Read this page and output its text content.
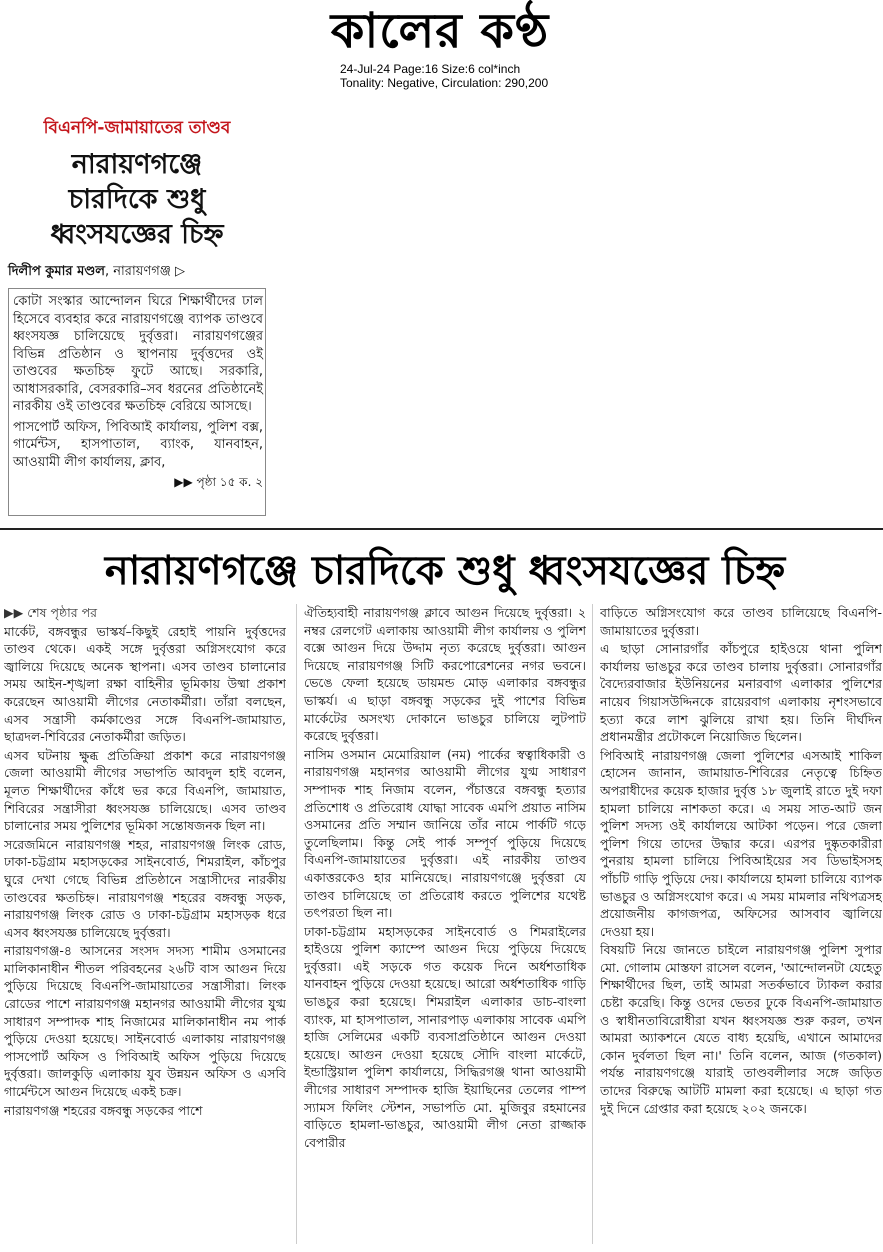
কালের কণ্ঠ
24-Jul-24 Page:16 Size:6 col*inch
Tonality: Negative, Circulation: 290,200
বিএনপি-জামায়াতের তাণ্ডব
নারায়ণগঞ্জে
চারদিকে শুধু
ধ্বংসযজ্ঞের চিহ্ন
দিলীপ কুমার মণ্ডল, নারায়ণগঞ্জ ▷

কোটা সংস্কার আন্দোলন ঘিরে শিক্ষার্থীদের ঢাল হিসেবে ব্যবহার করে নারায়ণগঞ্জে ব্যাপক তাণ্ডবে ধ্বংসযজ্ঞ চালিয়েছে দুর্বৃত্তরা। নারায়ণগঞ্জের বিভিন্ন প্রতিষ্ঠান ও স্থাপনায় দুর্বৃত্তদের ওই তাণ্ডবের ক্ষতচিহ্ন ফুটে আছে। সরকারি, আধাসরকারি, বেসরকারি–সব ধরনের প্রতিষ্ঠানেই নারকীয় ওই তাণ্ডবের ক্ষতচিহ্ন বেরিয়ে আসছে।

পাসপোর্ট অফিস, পিবিআই কার্যালয়, পুলিশ বক্স, গার্মেন্টস, হাসপাতাল, ব্যাংক, যানবাহন, আওয়ামী লীগ কার্যালয়, ক্লাব,

▶▶ পৃষ্ঠা ১৫ ক. ২
নারায়ণগঞ্জে চারদিকে শুধু ধ্বংসযজ্ঞের চিহ্ন

▶▶ শেষ পৃষ্ঠার পর

মার্কেট, বঙ্গবন্ধুর ভাস্কর্য–কিছুই রেহাই পায়নি দুর্বৃত্তদের তাণ্ডব থেকে। একই সঙ্গে দুর্বৃত্তরা অগ্নিসংযোগ করে জ্বালিয়ে দিয়েছে অনেক স্থাপনা। এসব তাণ্ডব চালানোর সময় আইন-শৃঙ্খলা রক্ষা বাহিনীর ভূমিকায় উষ্মা প্রকাশ করেছেন আওয়ামী লীগের নেতাকর্মীরা। তাঁরা বলছেন, এসব সন্ত্রাসী কর্মকাণ্ডের সঙ্গে বিএনপি-জামায়াত, ছাত্রদল-শিবিরের নেতাকর্মীরা জড়িত।

এসব ঘটনায় ক্ষুব্ধ প্রতিক্রিয়া প্রকাশ করে নারায়ণগঞ্জ জেলা আওয়ামী লীগের সভাপতি আবদুল হাই বলেন, মূলত শিক্ষার্থীদের কাঁধে ভর করে বিএনপি, জামায়াত, শিবিরের সন্ত্রাসীরা ধ্বংসযজ্ঞ চালিয়েছে। এসব তাণ্ডব চালানোর সময় পুলিশের ভূমিকা সন্তোষজনক ছিল না।

সরেজমিনে নারায়ণগঞ্জ শহর, নারায়ণগঞ্জ লিংক রোড, ঢাকা-চট্টগ্রাম মহাসড়কের সাইনবোর্ড, শিমরাইল, কাঁচপুর ঘুরে দেখা গেছে বিভিন্ন প্রতিষ্ঠানে সন্ত্রাসীদের নারকীয় তাণ্ডবের ক্ষতচিহ্ন। নারায়ণগঞ্জ শহরের বঙ্গবন্ধু সড়ক, নারায়ণগঞ্জ লিংক রোড ও ঢাকা-চট্টগ্রাম মহাসড়ক ধরে এসব ধ্বংসযজ্ঞ চালিয়েছে দুর্বৃত্তরা।

নারায়ণগঞ্জ-৪ আসনের সংসদ সদস্য শামীম ওসমানের মালিকানাধীন শীতল পরিবহনের ২৬টি বাস আগুন দিয়ে পুড়িয়ে দিয়েছে বিএনপি-জামায়াতের সন্ত্রাসীরা। লিংক রোডের পাশে নারায়ণগঞ্জ মহানগর আওয়ামী লীগের যুগ্ম সাধারণ সম্পাদক শাহ নিজামের মালিকানাধীন নম পার্ক পুড়িয়ে দেওয়া হয়েছে। সাইনবোর্ড এলাকায় নারায়ণগঞ্জ পাসপোর্ট অফিস ও পিবিআই অফিস পুড়িয়ে দিয়েছে দুর্বৃত্তরা। জালকুড়ি এলাকায় যুব উন্নয়ন অফিস ও এসবি গার্মেন্টসে আগুন দিয়েছে একই চক্র।

নারায়ণগঞ্জ শহরের বঙ্গবন্ধু সড়কের পাশে

ঐতিহ্যবাহী নারায়ণগঞ্জ ক্লাবে আগুন দিয়েছে দুর্বৃত্তরা। ২ নম্বর রেলগেট এলাকায় আওয়ামী লীগ কার্যালয় ও পুলিশ বক্সে আগুন দিয়ে উদ্দাম নৃত্য করেছে দুর্বৃত্তরা। আগুন দিয়েছে নারায়ণগঞ্জ সিটি করপোরেশনের নগর ভবনে। ভেঙে ফেলা হয়েছে ডায়মন্ড মোড় এলাকার বঙ্গবন্ধুর ভাস্কর্য। এ ছাড়া বঙ্গবন্ধু সড়কের দুই পাশের বিভিন্ন মার্কেটের অসংখ্য দোকানে ভাঙচুর চালিয়ে লুটপাট করেছে দুর্বৃত্তরা।

নাসিম ওসমান মেমোরিয়াল (নম) পার্কের স্বত্বাধিকারী ও নারায়ণগঞ্জ মহানগর আওয়ামী লীগের যুগ্ম সাধারণ সম্পাদক শাহ নিজাম বলেন, পঁচাত্তরে বঙ্গবন্ধু হত্যার প্রতিশোধ ও প্রতিরোধ যোদ্ধা সাবেক এমপি প্রয়াত নাসিম ওসমানের প্রতি সম্মান জানিয়ে তাঁর নামে পার্কটি গড়ে তুলেছিলাম। কিন্তু সেই পার্ক সম্পূর্ণ পুড়িয়ে দিয়েছে বিএনপি-জামায়াতের দুর্বৃত্তরা। এই নারকীয় তাণ্ডব একাত্তরকেও হার মানিয়েছে। নারায়ণগঞ্জে দুর্বৃত্তরা যে তাণ্ডব চালিয়েছে তা প্রতিরোধ করতে পুলিশের যথেষ্ট তৎপরতা ছিল না।

ঢাকা-চট্টগ্রাম মহাসড়কের সাইনবোর্ড ও শিমরাইলের হাইওয়ে পুলিশ ক্যাম্পে আগুন দিয়ে পুড়িয়ে দিয়েছে দুর্বৃত্তরা। এই সড়কে গত কয়েক দিনে অর্ধশতাধিক যানবাহন পুড়িয়ে দেওয়া হয়েছে। আরো অর্ধশতাধিক গাড়ি ভাঙচুর করা হয়েছে। শিমরাইল এলাকার ডাচ-বাংলা ব্যাংক, মা হাসপাতাল, সানারপাড় এলাকায় সাবেক এমপি হাজি সেলিমের একটি ব্যবসাপ্রতিষ্ঠানে আগুন দেওয়া হয়েছে। আগুন দেওয়া হয়েছে সৌদি বাংলা মার্কেটে, ইন্ডাস্ট্রিয়াল পুলিশ কার্যালয়ে, সিদ্ধিরগঞ্জ থানা আওয়ামী লীগের সাধারণ সম্পাদক হাজি ইয়াছিনের তেলের পাম্প স্যামস ফিলিং স্টেশন, সভাপতি মো. মুজিবুর রহমানের বাড়িতে হামলা-ভাঙচুর, আওয়ামী লীগ নেতা রাজ্জাক বেপারীর

বাড়িতে অগ্নিসংযোগ করে তাণ্ডব চালিয়েছে বিএনপি-জামায়াতের দুর্বৃত্তরা।

এ ছাড়া সোনারগাঁর কাঁচপুরে হাইওয়ে থানা পুলিশ কার্যালয় ভাঙচুর করে তাণ্ডব চালায় দুর্বৃত্তরা। সোনারগাঁর বৈদ্যেরবাজার ইউনিয়নের মনারবাগ এলাকার পুলিশের নায়েব গিয়াসউদ্দিনকে রায়েরবাগ এলাকায় নৃশংসভাবে হত্যা করে লাশ ঝুলিয়ে রাখা হয়। তিনি দীর্ঘদিন প্রধানমন্ত্রীর প্রটোকলে নিয়োজিত ছিলেন।

পিবিআই নারায়ণগঞ্জ জেলা পুলিশের এসআই শাকিল হোসেন জানান, জামায়াত-শিবিরের নেতৃত্বে চিহ্নিত অপরাধীদের কয়েক হাজার দুর্বৃত্ত ১৮ জুলাই রাতে দুই দফা হামলা চালিয়ে নাশকতা করে। এ সময় সাত-আট জন পুলিশ সদস্য ওই কার্যালয়ে আটকা পড়েন। পরে জেলা পুলিশ গিয়ে তাদের উদ্ধার করে। এরপর দুষ্কৃতকারীরা পুনরায় হামলা চালিয়ে পিবিআইয়ের সব ডিভাইসসহ পাঁচটি গাড়ি পুড়িয়ে দেয়। কার্যালয়ে হামলা চালিয়ে ব্যাপক ভাঙচুর ও অগ্নিসংযোগ করে। এ সময় মামলার নথিপত্রসহ প্রয়োজনীয় কাগজপত্র, অফিসের আসবাব জ্বালিয়ে দেওয়া হয়।

বিষয়টি নিয়ে জানতে চাইলে নারায়ণগঞ্জ পুলিশ সুপার মো. গোলাম মোস্তফা রাসেল বলেন, 'আন্দোলনটা যেহেতু শিক্ষার্থীদের ছিল, তাই আমরা সতর্কভাবে ট্যাকল করার চেষ্টা করেছি। কিন্তু ওদের ভেতর ঢুকে বিএনপি-জামায়াত ও স্বাধীনতাবিরোধীরা যখন ধ্বংসযজ্ঞ শুরু করল, তখন আমরা অ্যাকশনে যেতে বাধ্য হয়েছি, এখানে আমাদের কোন দুর্বলতা ছিল না।' তিনি বলেন, আজ (গতকাল) পর্যন্ত নারায়ণগঞ্জে যারাই তাণ্ডবলীলার সঙ্গে জড়িত তাদের বিরুদ্ধে আটটি মামলা করা হয়েছে। এ ছাড়া গত দুই দিনে গ্রেপ্তার করা হয়েছে ২০২ জনকে।
